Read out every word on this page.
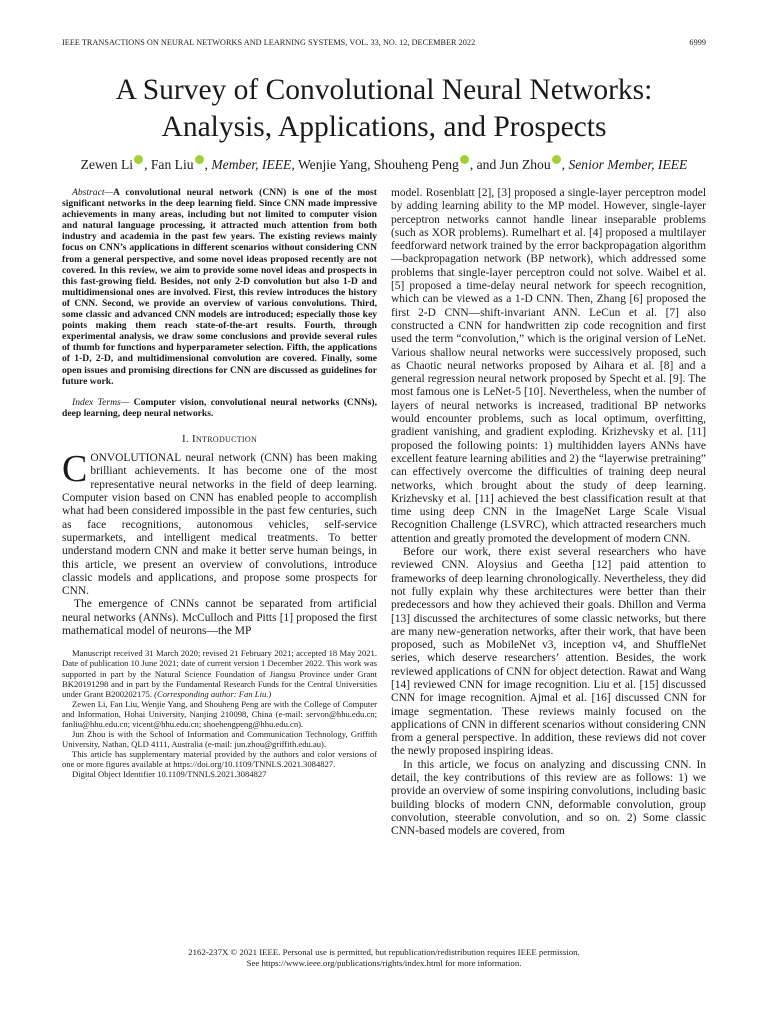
IEEE TRANSACTIONS ON NEURAL NETWORKS AND LEARNING SYSTEMS, VOL. 33, NO. 12, DECEMBER 2022	6999
A Survey of Convolutional Neural Networks:
Analysis, Applications, and Prospects
Zewen Li , Fan Liu , Member, IEEE, Wenjie Yang, Shouheng Peng , and Jun Zhou , Senior Member, IEEE

Abstract—A convolutional neural network (CNN) is one of the most significant networks in the deep learning field. Since CNN made impressive achievements in many areas, including but not limited to computer vision and natural language processing, it attracted much attention from both industry and academia in the past few years. The existing reviews mainly focus on CNN’s applications in different scenarios without considering CNN from a general perspective, and some novel ideas proposed recently are not covered. In this review, we aim to provide some novel ideas and prospects in this fast-growing field. Besides, not only 2-D convolution but also 1-D and multidimensional ones are involved. First, this review introduces the history of CNN. Second, we provide an overview of various convolutions. Third, some classic and advanced CNN models are introduced; especially those key points making them reach state-of-the-art results. Fourth, through experimental analysis, we draw some conclusions and provide several rules of thumb for functions and hyperparameter selection. Fifth, the applications of 1-D, 2-D, and multidimensional convolution are covered. Finally, some open issues and promising directions for CNN are discussed as guidelines for future work.

Index Terms— Computer vision, convolutional neural networks (CNNs), deep learning, deep neural networks.
I. Introduction

CONVOLUTIONAL neural network (CNN) has been making brilliant achievements. It has become one of the most representative neural networks in the field of deep learning. Computer vision based on CNN has enabled people to accomplish what had been considered impossible in the past few centuries, such as face recognitions, autonomous vehicles, self-service supermarkets, and intelligent medical treatments. To better understand modern CNN and make it better serve human beings, in this article, we present an overview of convolutions, introduce classic models and applications, and propose some prospects for CNN.

The emergence of CNNs cannot be separated from artificial neural networks (ANNs). McCulloch and Pitts [1] proposed the first mathematical model of neurons—the MP

Manuscript received 31 March 2020; revised 21 February 2021; accepted 18 May 2021. Date of publication 10 June 2021; date of current version 1 December 2022. This work was supported in part by the Natural Science Foundation of Jiangsu Province under Grant BK20191298 and in part by the Fundamental Research Funds for the Central Universities under Grant B200202175. (Corresponding author: Fan Liu.)

Zewen Li, Fan Liu, Wenjie Yang, and Shouheng Peng are with the College of Computer and Information, Hohai University, Nanjing 210098, China (e-mail: servon@hhu.edu.cn; fanliu@hhu.edu.cn; vicent@hhu.edu.cn; shoehengpeng@hhu.edu.cn).

Jun Zhou is with the School of Information and Communication Technology, Griffith University, Nathan, QLD 4111, Australia (e-mail: jun.zhou@griffith.edu.au).

This article has supplementary material provided by the authors and color versions of one or more figures available at https://doi.org/10.1109/TNNLS.2021.3084827.

Digital Object Identifier 10.1109/TNNLS.2021.3084827

model. Rosenblatt [2], [3] proposed a single-layer perceptron model by adding learning ability to the MP model. However, single-layer perceptron networks cannot handle linear inseparable problems (such as XOR problems). Rumelhart et al. [4] proposed a multilayer feedforward network trained by the error backpropagation algorithm—backpropagation network (BP network), which addressed some problems that single-layer perceptron could not solve. Waibel et al. [5] proposed a time-delay neural network for speech recognition, which can be viewed as a 1-D CNN. Then, Zhang [6] proposed the first 2-D CNN—shift-invariant ANN. LeCun et al. [7] also constructed a CNN for handwritten zip code recognition and first used the term “convolution,” which is the original version of LeNet. Various shallow neural networks were successively proposed, such as Chaotic neural networks proposed by Aihara et al. [8] and a general regression neural network proposed by Specht et al. [9]. The most famous one is LeNet-5 [10]. Nevertheless, when the number of layers of neural networks is increased, traditional BP networks would encounter problems, such as local optimum, overfitting, gradient vanishing, and gradient exploding. Krizhevsky et al. [11] proposed the following points: 1) multihidden layers ANNs have excellent feature learning abilities and 2) the “layerwise pretraining” can effectively overcome the difficulties of training deep neural networks, which brought about the study of deep learning. Krizhevsky et al. [11] achieved the best classification result at that time using deep CNN in the ImageNet Large Scale Visual Recognition Challenge (LSVRC), which attracted researchers much attention and greatly promoted the development of modern CNN.

Before our work, there exist several researchers who have reviewed CNN. Aloysius and Geetha [12] paid attention to frameworks of deep learning chronologically. Nevertheless, they did not fully explain why these architectures were better than their predecessors and how they achieved their goals. Dhillon and Verma [13] discussed the architectures of some classic networks, but there are many new-generation networks, after their work, that have been proposed, such as MobileNet v3, inception v4, and ShuffleNet series, which deserve researchers’ attention. Besides, the work reviewed applications of CNN for object detection. Rawat and Wang [14] reviewed CNN for image recognition. Liu et al. [15] discussed CNN for image recognition. Ajmal et al. [16] discussed CNN for image segmentation. These reviews mainly focused on the applications of CNN in different scenarios without considering CNN from a general perspective. In addition, these reviews did not cover the newly proposed inspiring ideas.

In this article, we focus on analyzing and discussing CNN. In detail, the key contributions of this review are as follows: 1) we provide an overview of some inspiring convolutions, including basic building blocks of modern CNN, deformable convolution, group convolution, steerable convolution, and so on. 2) Some classic CNN-based models are covered, from

2162-237X © 2021 IEEE. Personal use is permitted, but republication/redistribution requires IEEE permission.
See https://www.ieee.org/publications/rights/index.html for more information.
